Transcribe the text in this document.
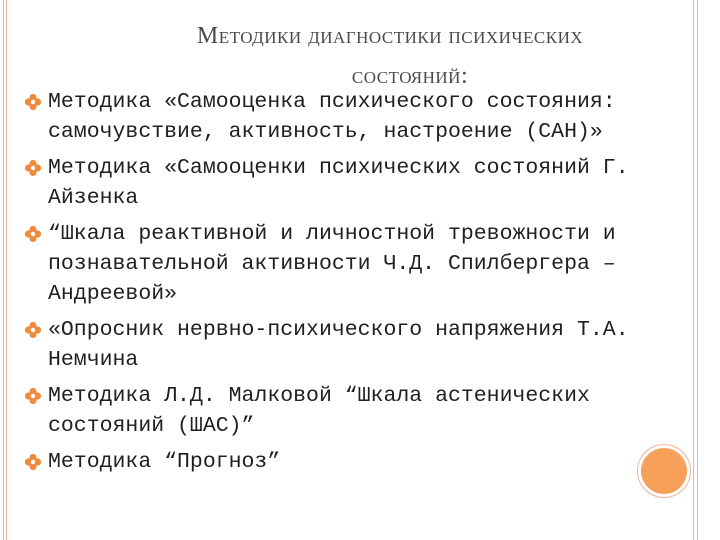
Методики диагностики психических
состояний:
Методика «Самооценка психического состояния: самочувствие, активность, настроение (САН)»
Методика «Самооценки психических состояний Г. Айзенка
“Шкала реактивной и личностной тревожности и познавательной активности Ч.Д. Спилбергера – Андреевой»
«Опросник нервно-психического напряжения Т.А. Немчина
Методика Л.Д. Малковой “Шкала астенических состояний (ШАС)”
Методика “Прогноз”
